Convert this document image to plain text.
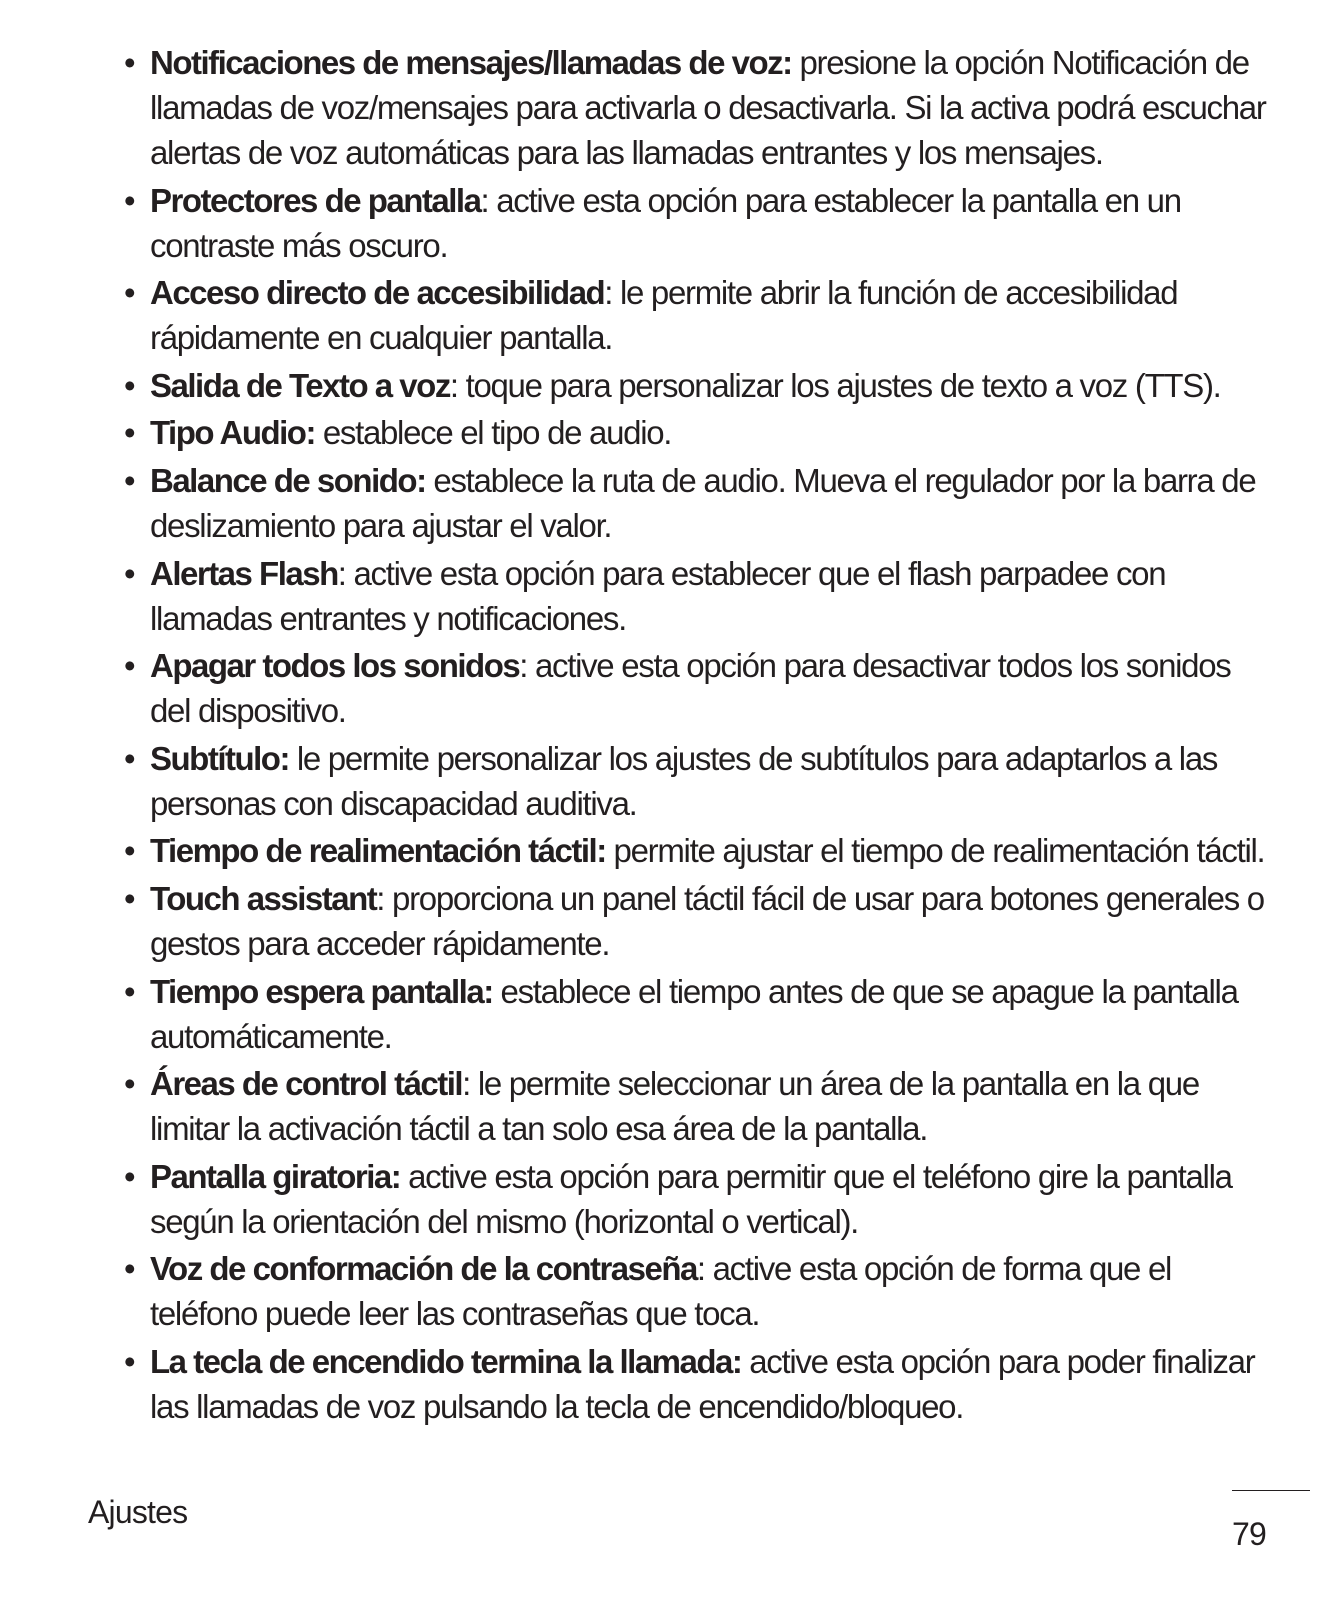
• Notificaciones de mensajes/llamadas de voz: presione la opción Notificación de llamadas de voz/mensajes para activarla o desactivarla. Si la activa podrá escuchar alertas de voz automáticas para las llamadas entrantes y los mensajes.
• Protectores de pantalla: active esta opción para establecer la pantalla en un contraste más oscuro.
• Acceso directo de accesibilidad: le permite abrir la función de accesibilidad rápidamente en cualquier pantalla.
• Salida de Texto a voz: toque para personalizar los ajustes de texto a voz (TTS).
• Tipo Audio: establece el tipo de audio.
• Balance de sonido: establece la ruta de audio. Mueva el regulador por la barra de deslizamiento para ajustar el valor.
• Alertas Flash: active esta opción para establecer que el flash parpadee con llamadas entrantes y notificaciones.
• Apagar todos los sonidos: active esta opción para desactivar todos los sonidos del dispositivo.
• Subtítulo: le permite personalizar los ajustes de subtítulos para adaptarlos a las personas con discapacidad auditiva.
• Tiempo de realimentación táctil: permite ajustar el tiempo de realimentación táctil.
• Touch assistant: proporciona un panel táctil fácil de usar para botones generales o gestos para acceder rápidamente.
• Tiempo espera pantalla: establece el tiempo antes de que se apague la pantalla automáticamente.
• Áreas de control táctil: le permite seleccionar un área de la pantalla en la que limitar la activación táctil a tan solo esa área de la pantalla.
• Pantalla giratoria: active esta opción para permitir que el teléfono gire la pantalla según la orientación del mismo (horizontal o vertical).
• Voz de conformación de la contraseña: active esta opción de forma que el teléfono puede leer las contraseñas que toca.
• La tecla de encendido termina la llamada: active esta opción para poder finalizar las llamadas de voz pulsando la tecla de encendido/bloqueo.
Ajustes
79
